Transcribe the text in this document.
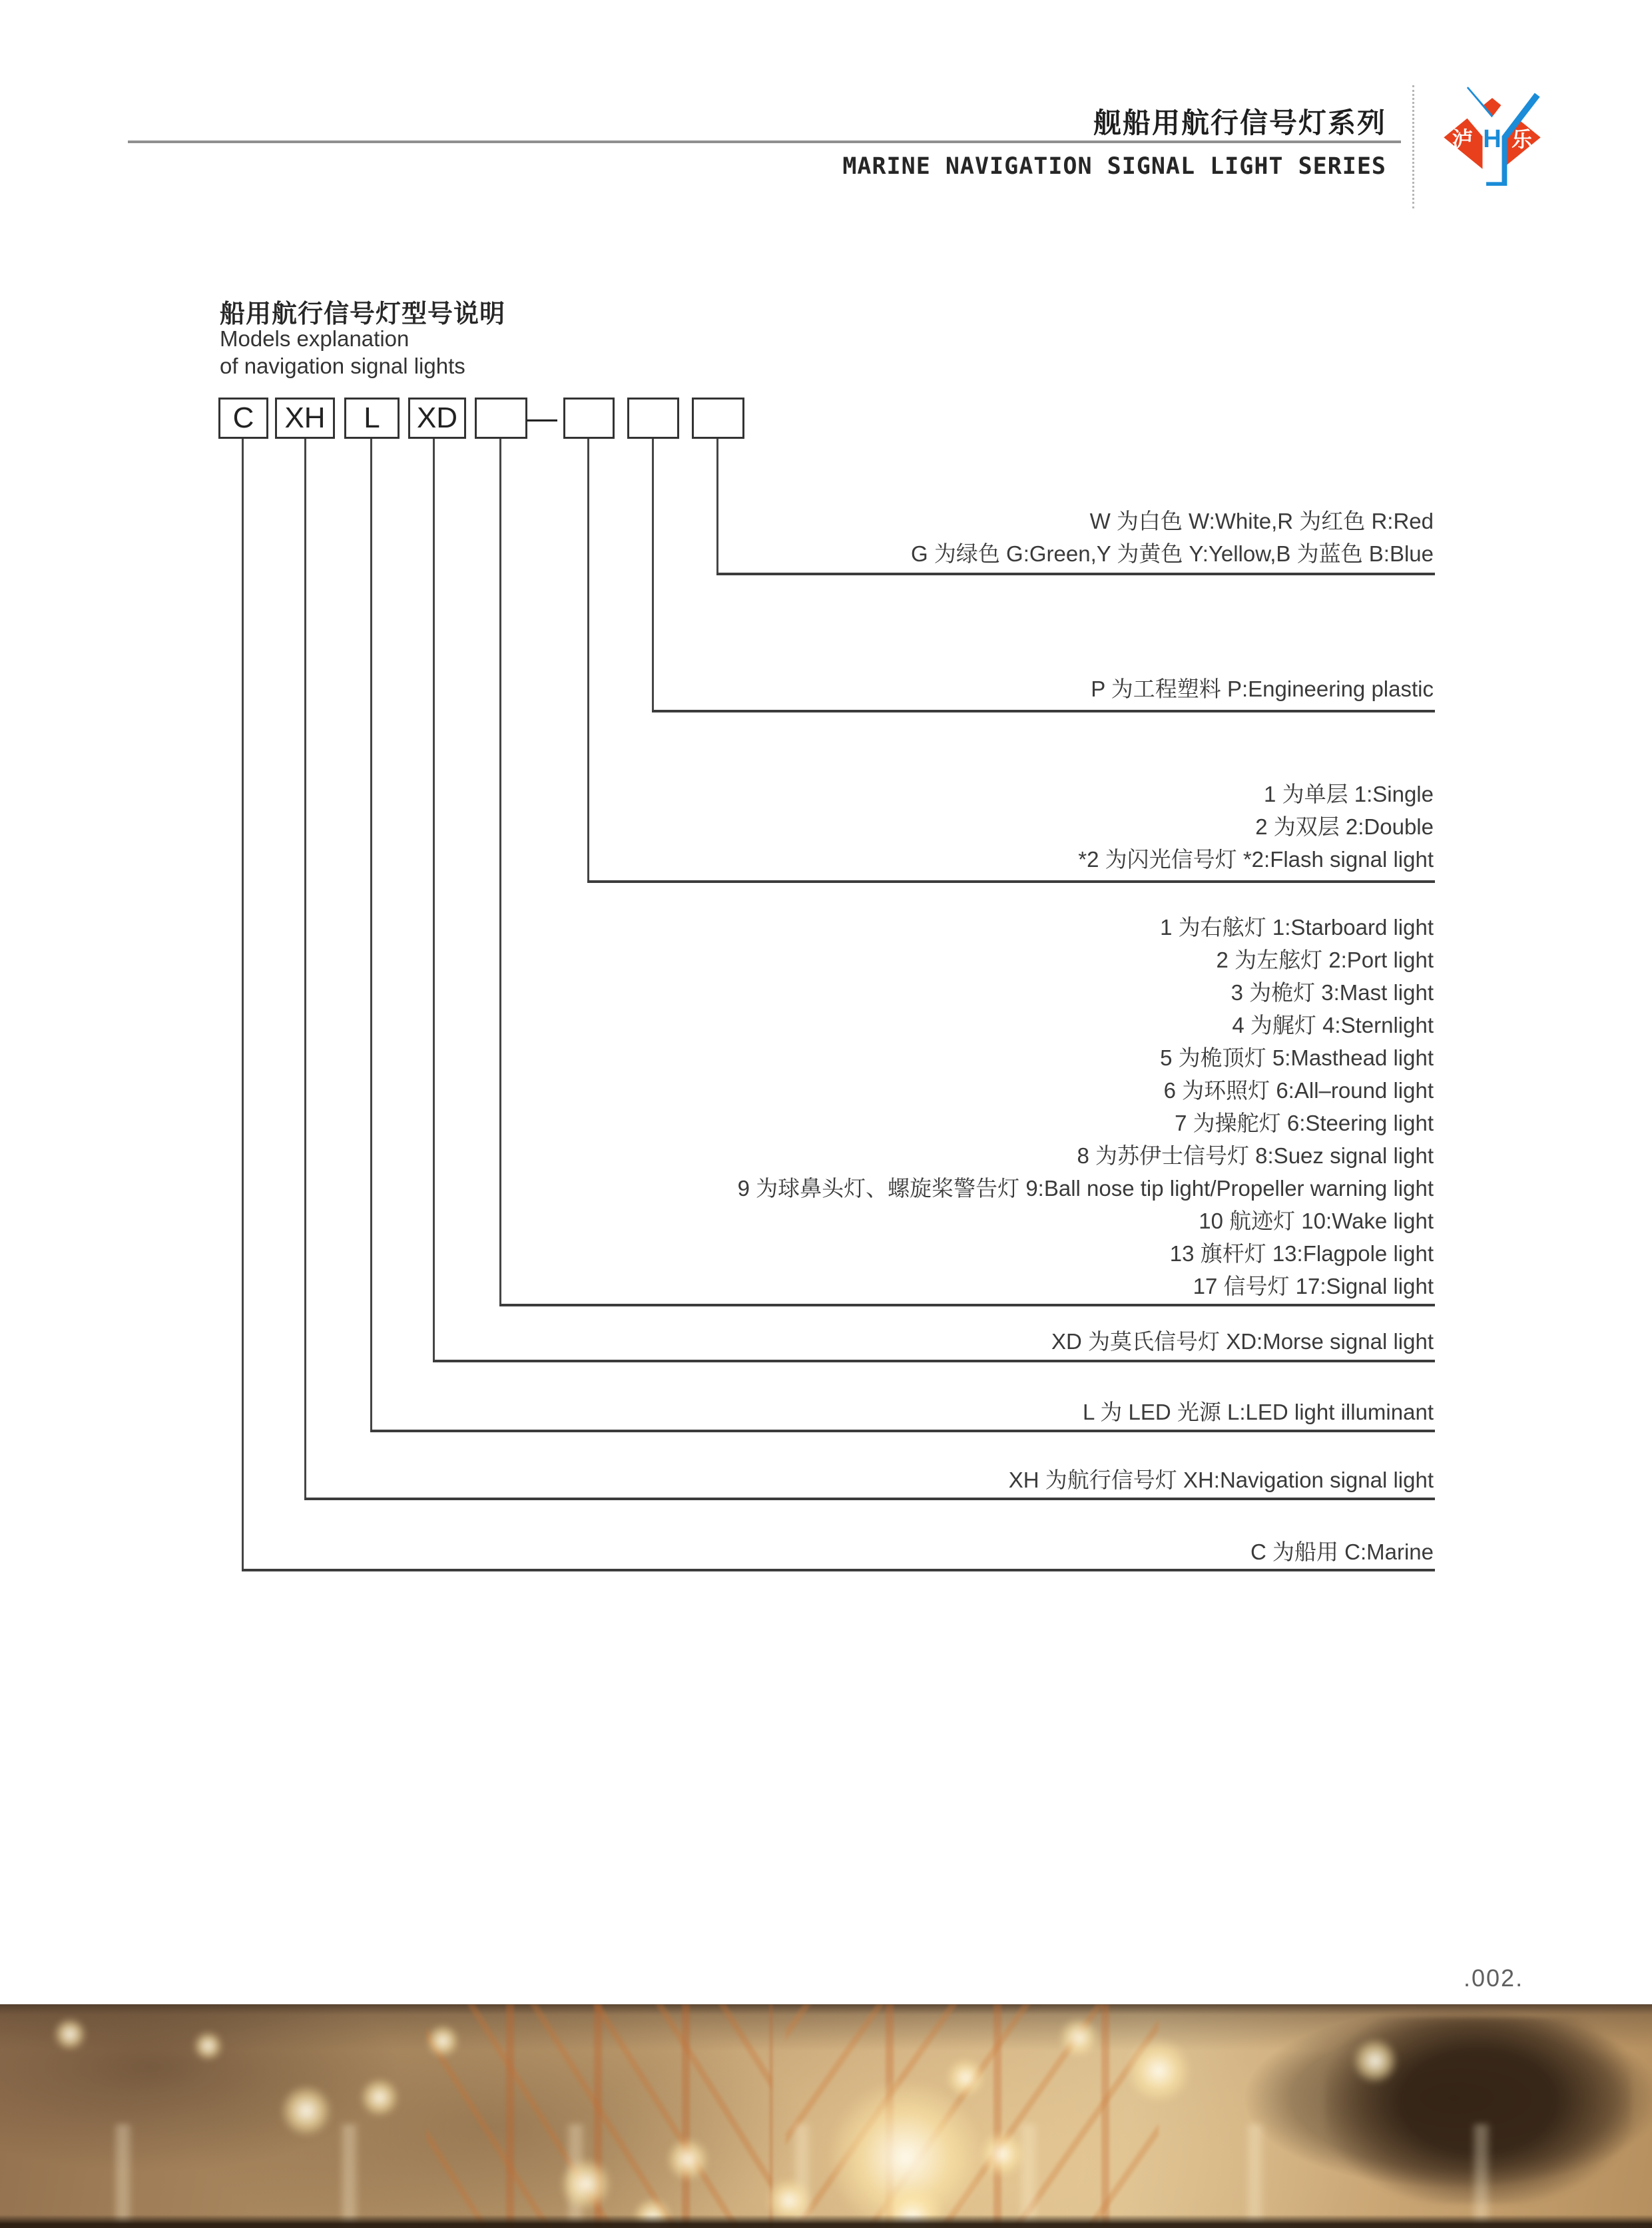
舰船用航行信号灯系列
MARINE NAVIGATION SIGNAL LIGHT SERIES
泸 乐
H
船用航行信号灯型号说明
Models explanation
of navigation signal lights
C	XH	L	XD —
W 为白色 W:White,R 为红色 R:Red
G 为绿色 G:Green,Y 为黄色 Y:Yellow,B 为蓝色 B:Blue
P 为工程塑料 P:Engineering plastic
1 为单层 1:Single
2 为双层 2:Double
*2 为闪光信号灯 *2:Flash signal light
1 为右舷灯 1:Starboard light
2 为左舷灯 2:Port light
3 为桅灯 3:Mast light
4 为艉灯 4:Sternlight
5 为桅顶灯 5:Masthead light
6 为环照灯 6:All–round light
7 为操舵灯 6:Steering light
8 为苏伊士信号灯 8:Suez signal light
9 为球鼻头灯、螺旋桨警告灯 9:Ball nose tip light/Propeller warning light
10 航迹灯 10:Wake light
13 旗杆灯 13:Flagpole light
17 信号灯 17:Signal light
XD 为莫氏信号灯 XD:Morse signal light
L 为 LED 光源 L:LED light illuminant
XH 为航行信号灯 XH:Navigation signal light
C 为船用 C:Marine
.002.
